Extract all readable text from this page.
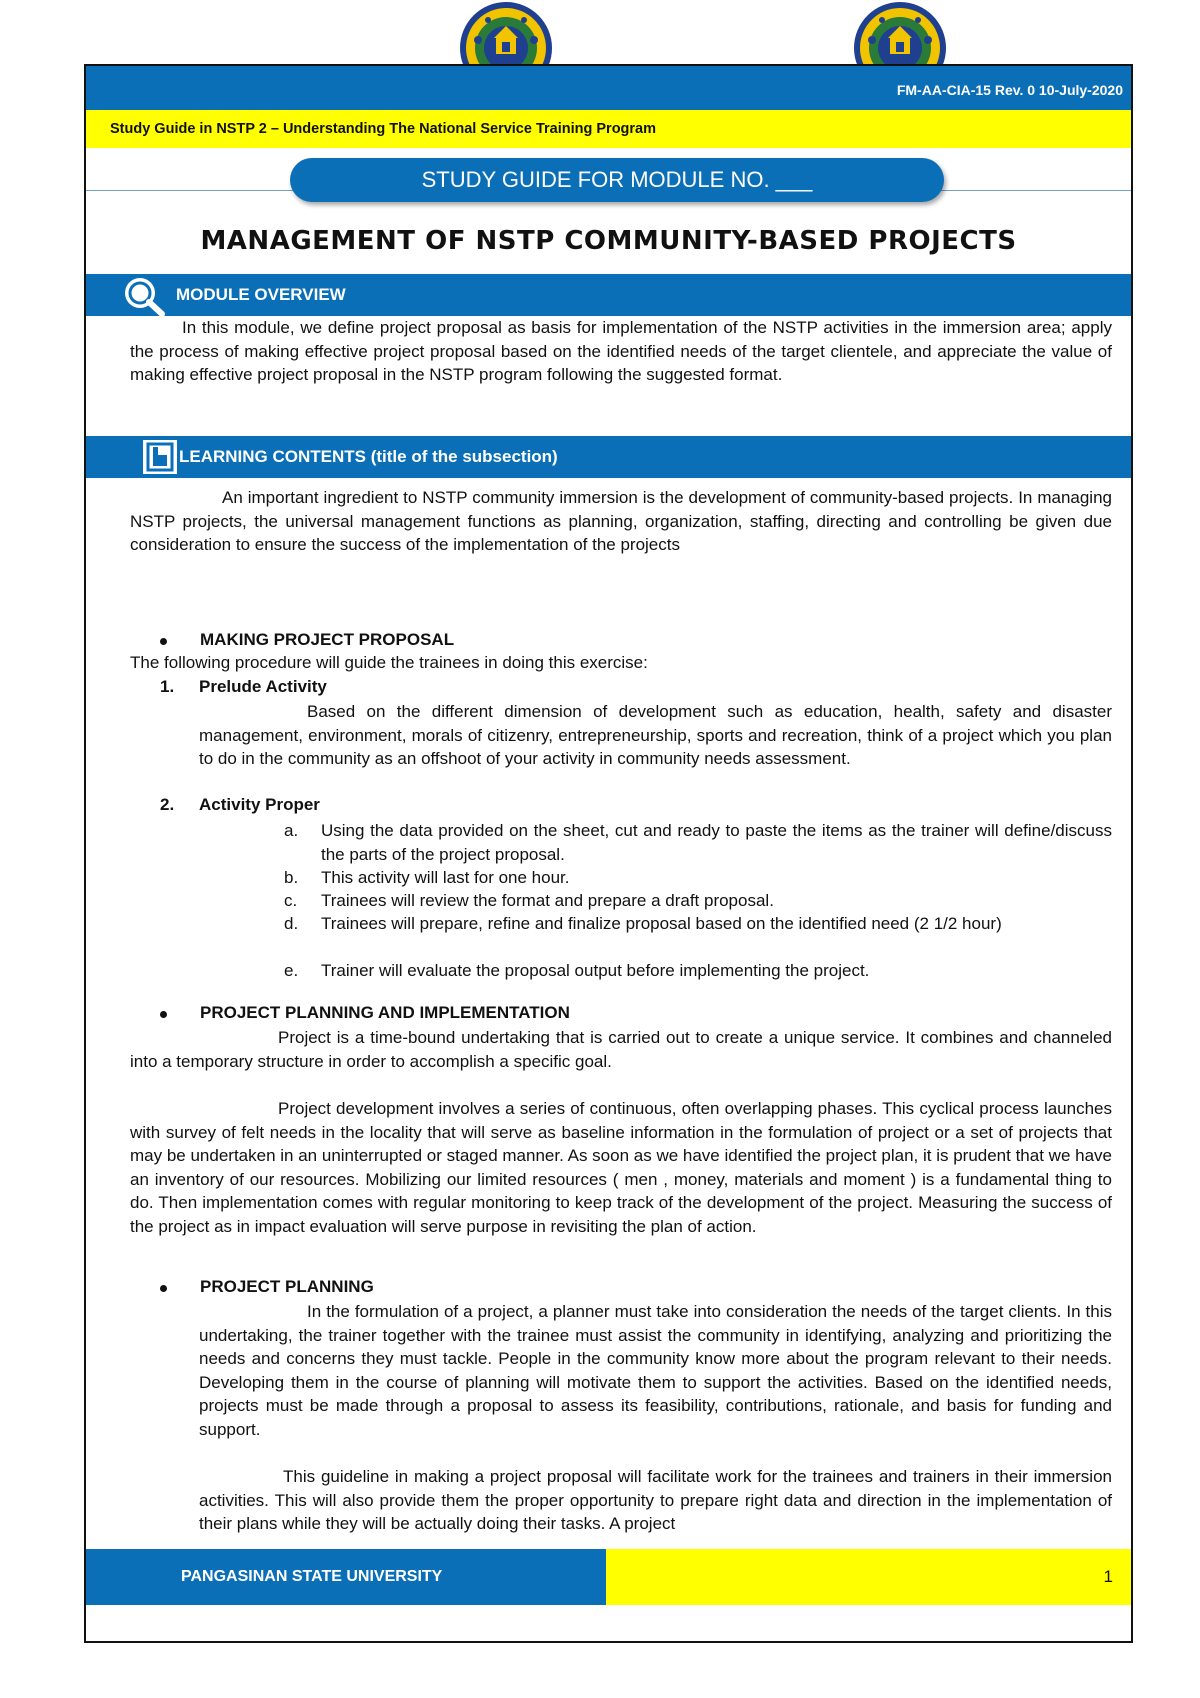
FM-AA-CIA-15 Rev. 0 10-July-2020
Study Guide in NSTP 2 – Understanding The National Service Training Program
STUDY GUIDE FOR MODULE NO. ___
MANAGEMENT OF NSTP COMMUNITY-BASED PROJECTS
MODULE OVERVIEW

In this module, we define project proposal as basis for implementation of the NSTP activities in the immersion area; apply the process of making effective project proposal based on the identified needs of the target clientele, and appreciate the value of making effective project proposal in the NSTP program following the suggested format.

LEARNING CONTENTS (title of the subsection)

An important ingredient to NSTP community immersion is the development of community-based projects. In managing NSTP projects, the universal management functions as planning, organization, staffing, directing and controlling be given due consideration to ensure the success of the implementation of the projects

MAKING PROJECT PROPOSAL
The following procedure will guide the trainees in doing this exercise:
1. Prelude Activity

Based on the different dimension of development such as education, health, safety and disaster management, environment, morals of citizenry, entrepreneurship, sports and recreation, think of a project which you plan to do in the community as an offshoot of your activity in community needs assessment.

2. Activity Proper
a. Using the data provided on the sheet, cut and ready to paste the items as the trainer will define/discuss the parts of the project proposal.

b. This activity will last for one hour.

c. Trainees will review the format and prepare a draft proposal.

d. Trainees will prepare, refine and finalize proposal based on the identified need (2 1/2 hour)

e. Trainer will evaluate the proposal output before implementing the project.

PROJECT PLANNING AND IMPLEMENTATION

Project is a time-bound undertaking that is carried out to create a unique service. It combines and channeled into a temporary structure in order to accomplish a specific goal.

Project development involves a series of continuous, often overlapping phases. This cyclical process launches with survey of felt needs in the locality that will serve as baseline information in the formulation of project or a set of projects that may be undertaken in an uninterrupted or staged manner. As soon as we have identified the project plan, it is prudent that we have an inventory of our resources. Mobilizing our limited resources ( men , money, materials and moment ) is a fundamental thing to do. Then implementation comes with regular monitoring to keep track of the development of the project. Measuring the success of the project as in impact evaluation will serve purpose in revisiting the plan of action.

PROJECT PLANNING

In the formulation of a project, a planner must take into consideration the needs of the target clients. In this undertaking, the trainer together with the trainee must assist the community in identifying, analyzing and prioritizing the needs and concerns they must tackle. People in the community know more about the program relevant to their needs. Developing them in the course of planning will motivate them to support the activities. Based on the identified needs, projects must be made through a proposal to assess its feasibility, contributions, rationale, and basis for funding and support.

This guideline in making a project proposal will facilitate work for the trainees and trainers in their immersion activities. This will also provide them the proper opportunity to prepare right data and direction in the implementation of their plans while they will be actually doing their tasks. A project

PANGASINAN STATE UNIVERSITY	1
